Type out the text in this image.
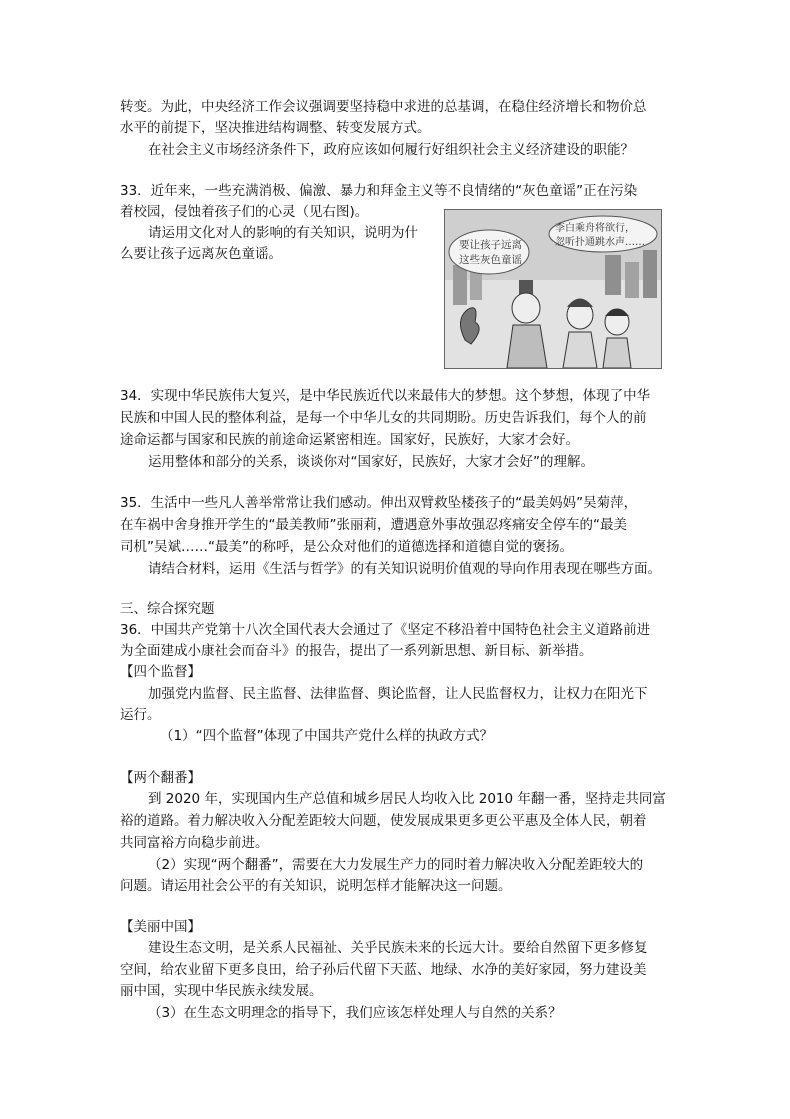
转变。为此，中央经济工作会议强调要坚持稳中求进的总基调，在稳住经济增长和物价总
水平的前提下，坚决推进结构调整、转变发展方式。
在社会主义市场经济条件下，政府应该如何履行好组织社会主义经济建设的职能？
33．近年来，一些充满消极、偏激、暴力和拜金主义等不良情绪的“灰色童谣”正在污染
着校园，侵蚀着孩子们的心灵（见右图)。
请运用文化对人的影响的有关知识，说明为什
么要让孩子远离灰色童谣。
要让孩子远离
这些灰色童谣
李白乘舟将欲行，
忽听扑通跳水声……
34．实现中华民族伟大复兴，是中华民族近代以来最伟大的梦想。这个梦想，体现了中华
民族和中国人民的整体利益，是每一个中华儿女的共同期盼。历史告诉我们，每个人的前
途命运都与国家和民族的前途命运紧密相连。国家好，民族好，大家才会好。
运用整体和部分的关系，谈谈你对“国家好，民族好，大家才会好”的理解。
35．生活中一些凡人善举常常让我们感动。伸出双臂救坠楼孩子的“最美妈妈”吴菊萍，
在车祸中舍身推开学生的“最美教师”张丽莉，遭遇意外事故强忍疼痛安全停车的“最美
司机”吴斌……“最美”的称呼，是公众对他们的道德选择和道德自觉的褒扬。
请结合材料，运用《生活与哲学》的有关知识说明价值观的导向作用表现在哪些方面。
三、综合探究题
36．中国共产党第十八次全国代表大会通过了《坚定不移沿着中国特色社会主义道路前进
为全面建成小康社会而奋斗》的报告，提出了一系列新思想、新目标、新举措。
【四个监督】
加强党内监督、民主监督、法律监督、舆论监督，让人民监督权力，让权力在阳光下
运行。
（1）“四个监督”体现了中国共产党什么样的执政方式？
【两个翻番】
到 2020 年，实现国内生产总值和城乡居民人均收入比 2010 年翻一番，坚持走共同富
裕的道路。着力解决收入分配差距较大问题，使发展成果更多更公平惠及全体人民，朝着
共同富裕方向稳步前进。
（2）实现“两个翻番”，需要在大力发展生产力的同时着力解决收入分配差距较大的
问题。请运用社会公平的有关知识，说明怎样才能解决这一问题。
【美丽中国】
建设生态文明，是关系人民福祉、关乎民族未来的长远大计。要给自然留下更多修复
空间，给农业留下更多良田，给子孙后代留下天蓝、地绿、水净的美好家园，努力建设美
丽中国，实现中华民族永续发展。
（3）在生态文明理念的指导下，我们应该怎样处理人与自然的关系？
